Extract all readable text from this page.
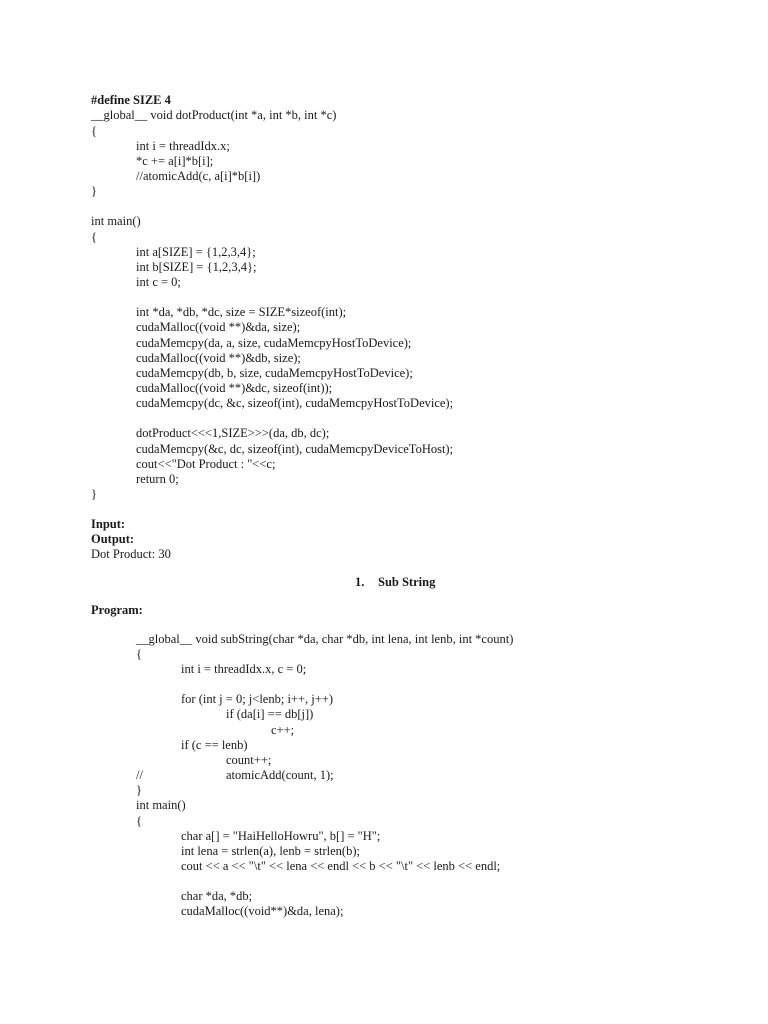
#define SIZE 4
__global__ void dotProduct(int *a, int *b, int *c)
{
int i = threadIdx.x;
*c += a[i]*b[i];
//atomicAdd(c, a[i]*b[i])
}
int main()
{
int a[SIZE] = {1,2,3,4};
int b[SIZE] = {1,2,3,4};
int c = 0;
int *da, *db, *dc, size = SIZE*sizeof(int);
cudaMalloc((void **)&da, size);
cudaMemcpy(da, a, size, cudaMemcpyHostToDevice);
cudaMalloc((void **)&db, size);
cudaMemcpy(db, b, size, cudaMemcpyHostToDevice);
cudaMalloc((void **)&dc, sizeof(int));
cudaMemcpy(dc, &c, sizeof(int), cudaMemcpyHostToDevice);
dotProduct<<<1,SIZE>>>(da, db, dc);
cudaMemcpy(&c, dc, sizeof(int), cudaMemcpyDeviceToHost);
cout<<"Dot Product : "<<c;
return 0;
}
Input:
Output:
Dot Product: 30
1. Sub String
Program:
__global__ void subString(char *da, char *db, int lena, int lenb, int *count)
{
int i = threadIdx.x, c = 0;
for (int j = 0; j<lenb; i++, j++)
if (da[i] == db[j])
c++;
if (c == lenb)
count++;
//	atomicAdd(count, 1);
}
int main()
{
char a[] = "HaiHelloHowru", b[] = "H";
int lena = strlen(a), lenb = strlen(b);
cout << a << "\t" << lena << endl << b << "\t" << lenb << endl;
char *da, *db;
cudaMalloc((void**)&da, lena);
